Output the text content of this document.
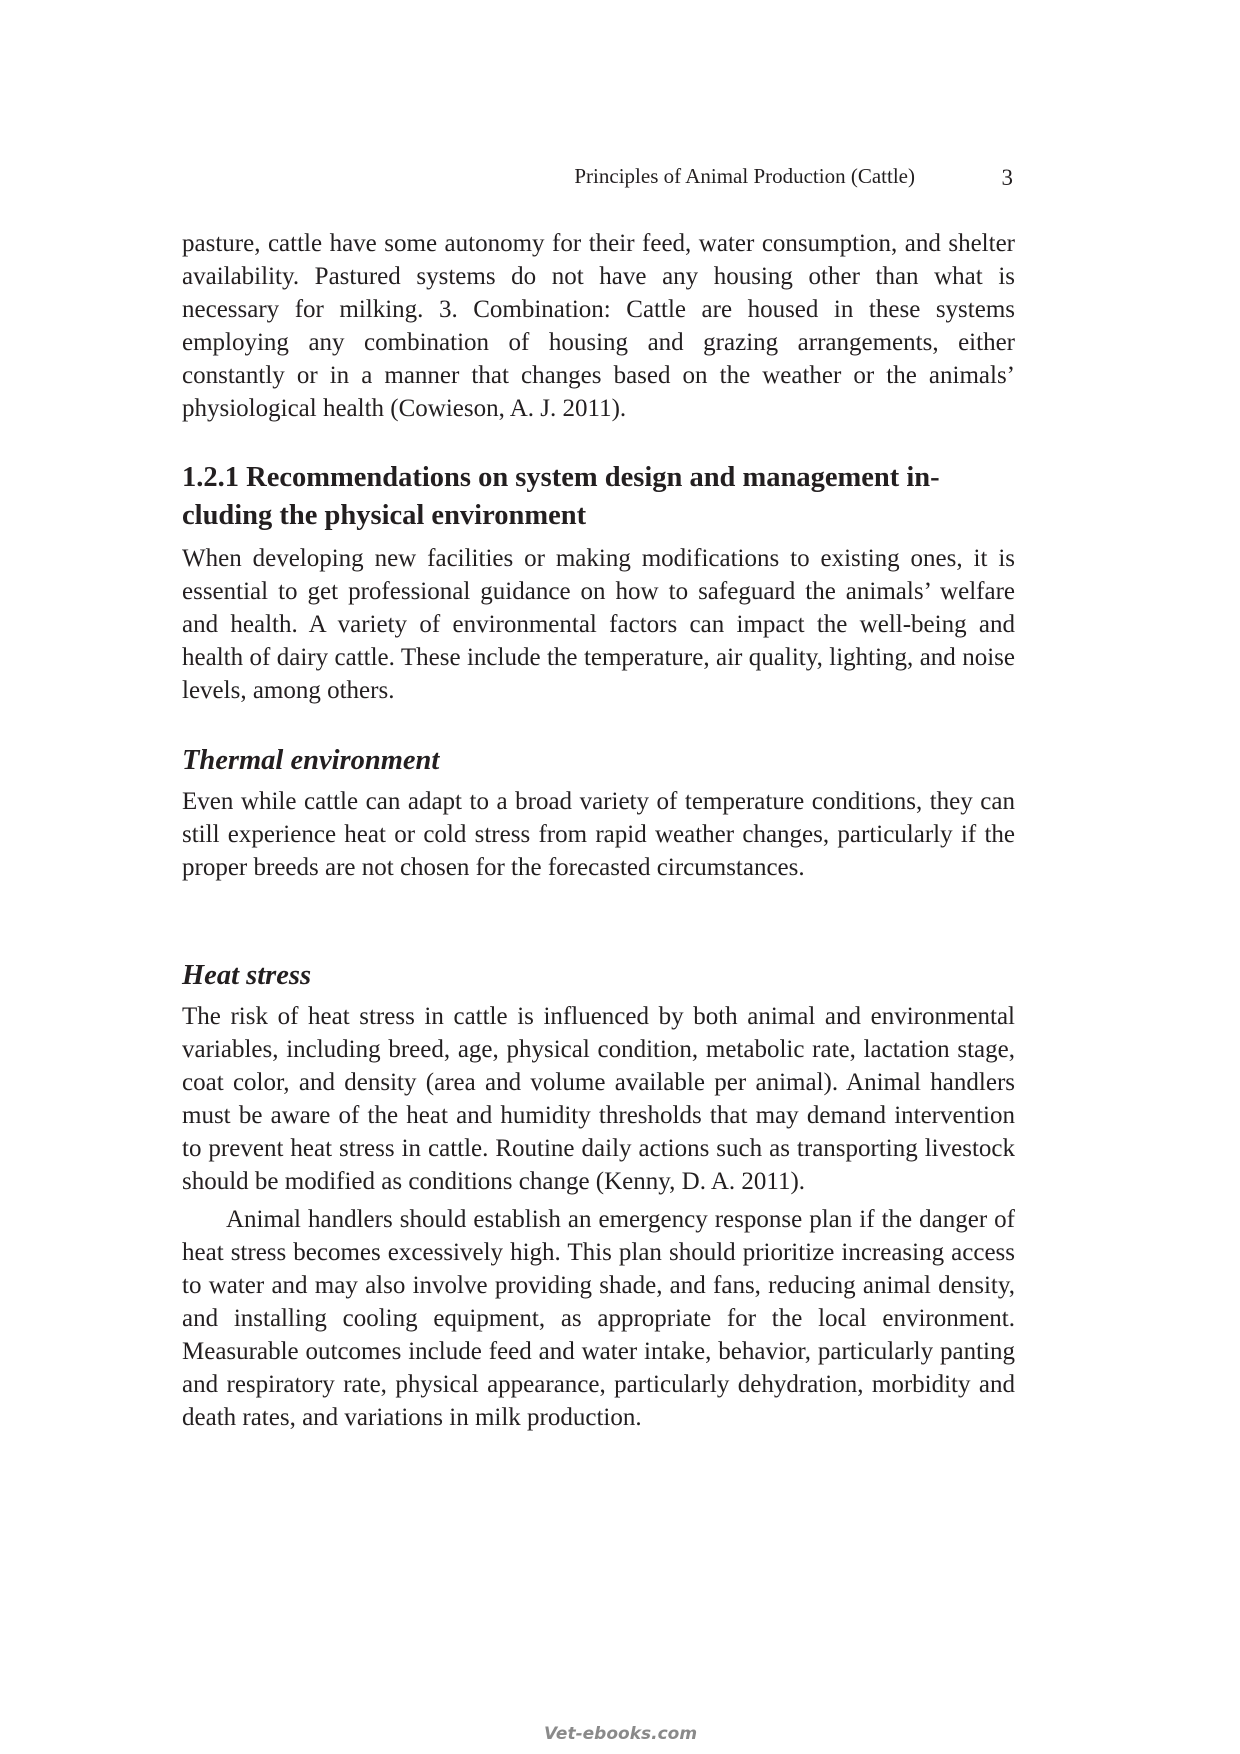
Principles of Animal Production (Cattle)	3

pasture, cattle have some autonomy for their feed, water consumption, and shelter availability. Pastured systems do not have any housing other than what is necessary for milking. 3. Combination: Cattle are housed in these systems employing any combination of housing and grazing arrangements, either constantly or in a manner that changes based on the weather or the animals’ physiological health (Cowieson, A. J. 2011).

1.2.1 Recommendations on system design and management including the physical environment

When developing new facilities or making modifications to existing ones, it is essential to get professional guidance on how to safeguard the animals’ welfare and health. A variety of environmental factors can impact the well-being and health of dairy cattle. These include the temperature, air quality, lighting, and noise levels, among others.

Thermal environment

Even while cattle can adapt to a broad variety of temperature conditions, they can still experience heat or cold stress from rapid weather changes, particularly if the proper breeds are not chosen for the forecasted circumstances.

Heat stress

The risk of heat stress in cattle is influenced by both animal and environmental variables, including breed, age, physical condition, metabolic rate, lactation stage, coat color, and density (area and volume available per animal). Animal handlers must be aware of the heat and humidity thresholds that may demand intervention to prevent heat stress in cattle. Routine daily actions such as transporting livestock should be modified as conditions change (Kenny, D. A. 2011).

Animal handlers should establish an emergency response plan if the danger of heat stress becomes excessively high. This plan should prioritize increasing access to water and may also involve providing shade, and fans, reducing animal density, and installing cooling equipment, as appropriate for the local environment. Measurable outcomes include feed and water intake, behavior, particularly panting and respiratory rate, physical appearance, particularly dehydration, morbidity and death rates, and variations in milk production.

Vet-ebooks.com
